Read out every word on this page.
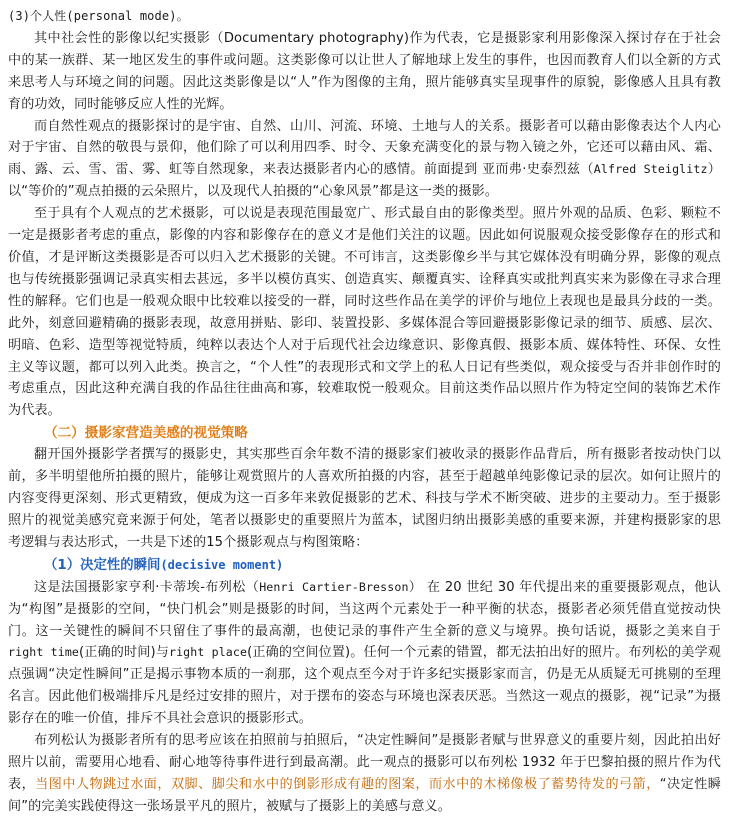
(3)个人性(personal mode)。

其中社会性的影像以纪实摄影（Documentary photography)作为代表，它是摄影家利用影像深入探讨存在于社会中的某一族群、某一地区发生的事件或问题。这类影像可以让世人了解地球上发生的事件，也因而教育人们以全新的方式来思考人与环境之间的问题。因此这类影像是以“人”作为图像的主角，照片能够真实呈现事件的原貌，影像感人且具有教育的功效，同时能够反应人性的光辉。

而自然性观点的摄影探讨的是宇宙、自然、山川、河流、环境、土地与人的关系。摄影者可以藉由影像表达个人内心对于宇宙、自然的敬畏与景仰，他们除了可以利用四季、时令、天象充满变化的景与物入镜之外，它还可以藉由风、霜、雨、露、云、雪、雷、雾、虹等自然现象，来表达摄影者内心的感情。前面提到 亚而弗·史泰烈兹（Alfred Steiglitz）以“等价的”观点拍摄的云朵照片，以及现代人拍摄的“心象风景”都是这一类的摄影。

至于具有个人观点的艺术摄影，可以说是表现范围最宽广、形式最自由的影像类型。照片外观的品质、色彩、颗粒不一定是摄影者考虑的重点，影像的内容和影像存在的意义才是他们关注的议题。因此如何说服观众接受影像存在的形式和价值，才是评断这类摄影是否可以归入艺术摄影的关键。不可讳言，这类影像乡半与其它媒体没有明确分界，影像的观点也与传统摄影强调记录真实相去甚远，多半以模仿真实、创造真实、颠覆真实、诠释真实或批判真实来为影像在寻求合理性的解释。它们也是一般观众眼中比较难以接受的一群，同时这些作品在美学的评价与地位上表现也是最具分歧的一类。此外，刻意回避精确的摄影表现，故意用拼贴、影印、装置投影、多媒体混合等回避摄影影像记录的细节、质感、层次、明暗、色彩、造型等视觉特质，纯粹以表达个人对于后现代社会边缘意识、影像真假、摄影本质、媒体特性、环保、女性主义等议题，都可以列入此类。换言之，“个人性”的表现形式和文学上的私人日记有些类似，观众接受与否并非创作时的考虑重点，因此这种充满自我的作品往往曲高和寡，较难取悦一般观众。目前这类作品以照片作为特定空间的装饰艺术作为代表。

（二）摄影家营造美感的视觉策略

翻开国外摄影学者撰写的摄影史，其实那些百余年数不清的摄影家们被收录的摄影作品背后，所有摄影者按动快门以前，多半明望他所拍摄的照片，能够让观赏照片的人喜欢所拍摄的内容，甚至于超越单纯影像记录的层次。如何让照片的内容变得更深刻、形式更精致，便成为这一百多年来敦促摄影的艺术、科技与学术不断突破、进步的主要动力。至于摄影照片的视觉美感究竟来源于何处，笔者以摄影史的重要照片为蓝本，试图归纳出摄影美感的重要来源，并建构摄影家的思考逻辑与表达形式，一共是下述的15个摄影观点与构图策略：

（1）决定性的瞬间(decisive moment)

这是法国摄影家亨利·卡蒂埃-布列松（Henri Cartier-Bresson） 在 20 世纪 30 年代提出来的重要摄影观点，他认为“构图”是摄影的空间，“快门机会”则是摄影的时间，当这两个元素处于一种平衡的状态，摄影者必须凭借直觉按动快门。这一关键性的瞬间不只留住了事件的最高潮，也使记录的事件产生全新的意义与境界。换句话说，摄影之美来自于right time(正确的时间)与right place(正确的空间位置)。任何一个元素的错置，都无法拍出好的照片。布列松的美学观点强调“决定性瞬间”正是揭示事物本质的一刹那，这个观点至今对于许多纪实摄影家而言，仍是无从质疑无可挑剔的至理名言。因此他们极端排斥凡是经过安排的照片，对于摆布的姿态与环境也深表厌恶。当然这一观点的摄影，视“记录”为摄影存在的唯一价值，排斥不具社会意识的摄影形式。

布列松认为摄影者所有的思考应该在拍照前与拍照后，“决定性瞬间”是摄影者赋与世界意义的重要片刻，因此拍出好照片以前，需要用心地看、耐心地等待事件进行到最高潮。此一观点的摄影可以布列松 1932 年于巴黎拍摄的照片作为代表，当图中人物跳过水面，双脚、脚尖和水中的倒影形成有趣的图案，而水中的木梯像极了蓄势待发的弓箭，“决定性瞬间”的完美实践使得这一张场景平凡的照片，被赋与了摄影上的美感与意义。
